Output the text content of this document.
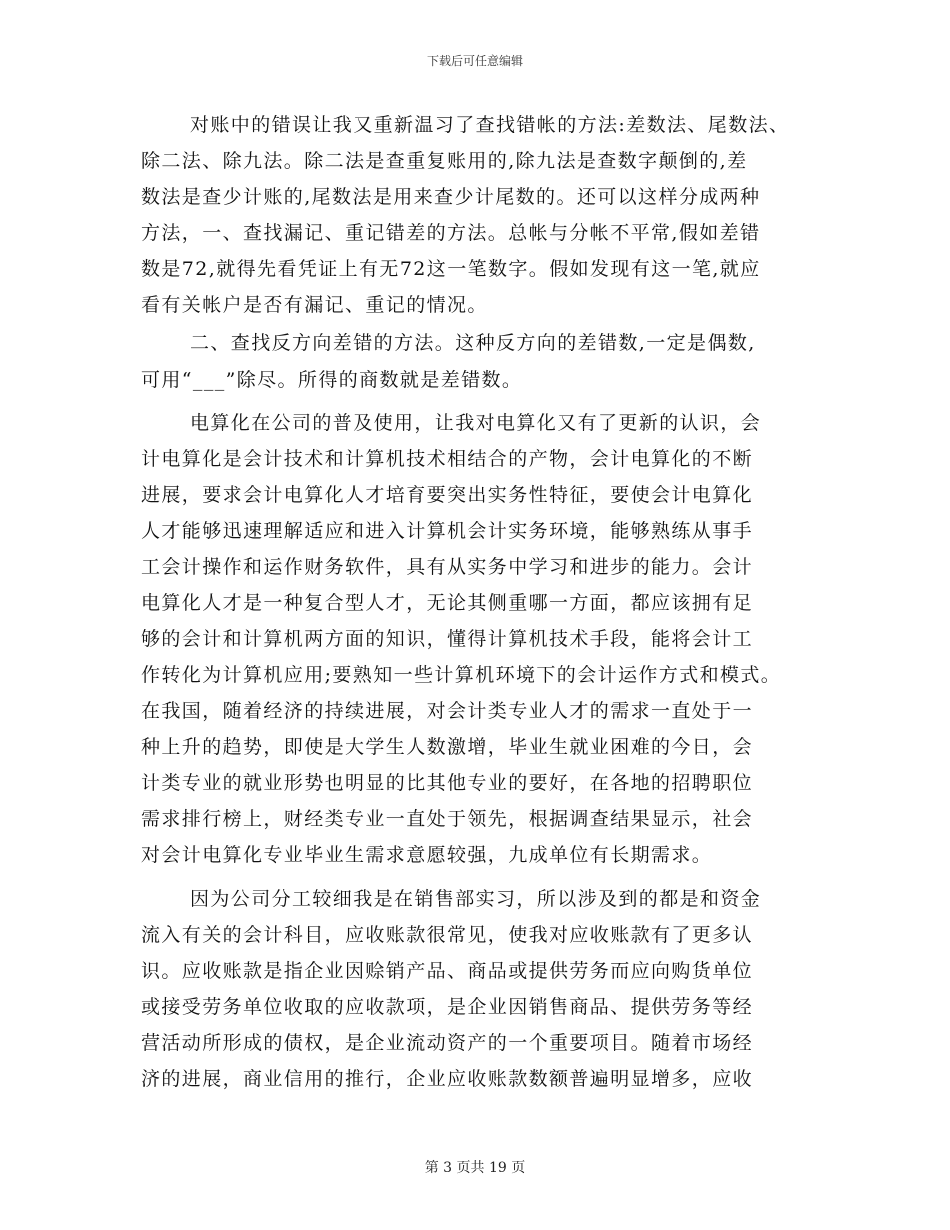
下载后可任意编辑
对账中的错误让我又重新温习了查找错帐的方法:差数法、尾数法、
除二法、除九法。除二法是查重复账用的,除九法是查数字颠倒的,差
数法是查少计账的,尾数法是用来查少计尾数的。还可以这样分成两种
方法，一、查找漏记、重记错差的方法。总帐与分帐不平常,假如差错
数是72,就得先看凭证上有无72这一笔数字。假如发现有这一笔,就应
看有关帐户是否有漏记、重记的情况。
二、查找反方向差错的方法。这种反方向的差错数,一定是偶数,
可用“___”除尽。所得的商数就是差错数。
电算化在公司的普及使用，让我对电算化又有了更新的认识，会
计电算化是会计技术和计算机技术相结合的产物，会计电算化的不断
进展，要求会计电算化人才培育要突出实务性特征，要使会计电算化
人才能够迅速理解适应和进入计算机会计实务环境，能够熟练从事手
工会计操作和运作财务软件，具有从实务中学习和进步的能力。会计
电算化人才是一种复合型人才，无论其侧重哪一方面，都应该拥有足
够的会计和计算机两方面的知识，懂得计算机技术手段，能将会计工
作转化为计算机应用;要熟知一些计算机环境下的会计运作方式和模式。
在我国，随着经济的持续进展，对会计类专业人才的需求一直处于一
种上升的趋势，即使是大学生人数激增，毕业生就业困难的今日，会
计类专业的就业形势也明显的比其他专业的要好，在各地的招聘职位
需求排行榜上，财经类专业一直处于领先，根据调查结果显示，社会
对会计电算化专业毕业生需求意愿较强，九成单位有长期需求。
因为公司分工较细我是在销售部实习，所以涉及到的都是和资金
流入有关的会计科目，应收账款很常见，使我对应收账款有了更多认
识。应收账款是指企业因赊销产品、商品或提供劳务而应向购货单位
或接受劳务单位收取的应收款项，是企业因销售商品、提供劳务等经
营活动所形成的债权，是企业流动资产的一个重要项目。随着市场经
济的进展，商业信用的推行，企业应收账款数额普遍明显增多，应收
第 3 页共 19 页
